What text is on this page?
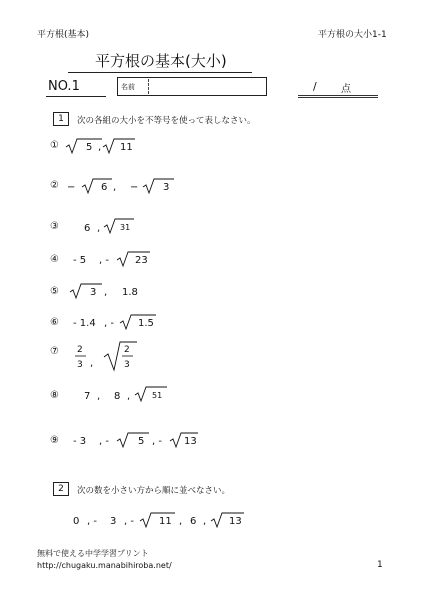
平方根(基本)	平方根の大小1-1
平方根の基本(大小)
NO.1	名前	/ 点
1	次の各組の大小を不等号を使って表しなさい。
①
②
③
④
⑤
⑥
⑦
⑧
⑨
5 , 11
−	6 , − 3
6 , 31
- 5 , -	23
3 , 1.8
- 1.4 , - 1.5
2
3 ,
2
3
7 , 8 ,	51
- 3 , -	5 , - 13
0 , - 3 , -	11 , 6 , 13
2	次の数を小さい方から順に並べなさい。
無料で使える中学学習プリント
http://chugaku.manabihiroba.net/	1
